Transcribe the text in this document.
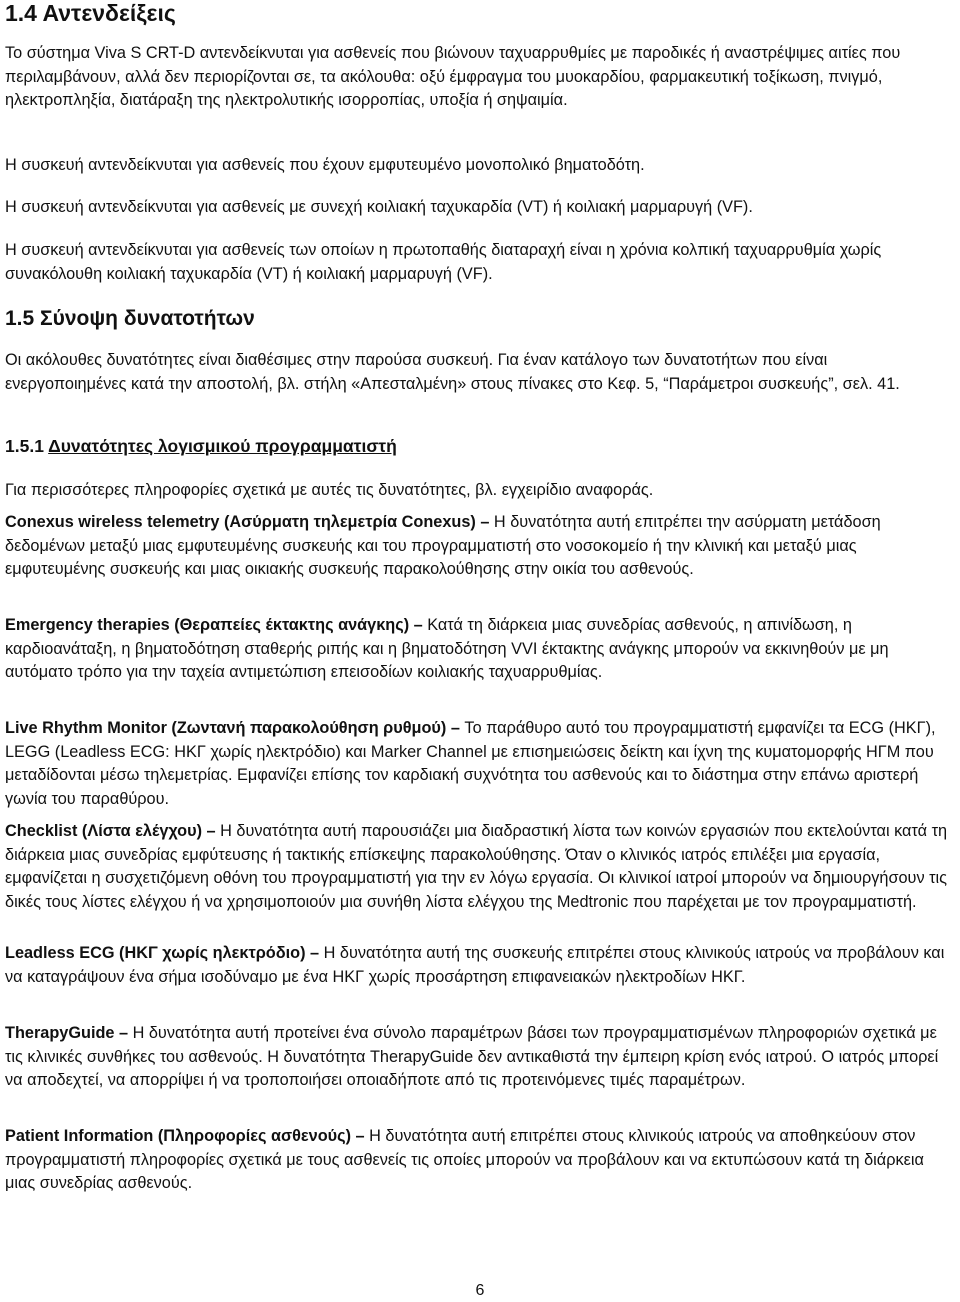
1.4 Αντενδείξεις

Το σύστημα Viva S CRT-D αντενδείκνυται για ασθενείς που βιώνουν ταχυαρρυθμίες με παροδικές ή αναστρέψιμες αιτίες που περιλαμβάνουν, αλλά δεν περιορίζονται σε, τα ακόλουθα: οξύ έμφραγμα του μυοκαρδίου, φαρμακευτική τοξίκωση, πνιγμό, ηλεκτροπληξία, διατάραξη της ηλεκτρολυτικής ισορροπίας, υποξία ή σηψαιμία.

Η συσκευή αντενδείκνυται για ασθενείς που έχουν εμφυτευμένο μονοπολικό βηματοδότη.

Η συσκευή αντενδείκνυται για ασθενείς με συνεχή κοιλιακή ταχυκαρδία (VT) ή κοιλιακή μαρμαρυγή (VF).

Η συσκευή αντενδείκνυται για ασθενείς των οποίων η πρωτοπαθής διαταραχή είναι η χρόνια κολπική ταχυαρρυθμία χωρίς συνακόλουθη κοιλιακή ταχυκαρδία (VT) ή κοιλιακή μαρμαρυγή (VF).

1.5 Σύνοψη δυνατοτήτων

Οι ακόλουθες δυνατότητες είναι διαθέσιμες στην παρούσα συσκευή. Για έναν κατάλογο των δυνατοτήτων που είναι ενεργοποιημένες κατά την αποστολή, βλ. στήλη «Απεσταλμένη» στους πίνακες στο Κεφ. 5, “Παράμετροι συσκευής”, σελ. 41.

1.5.1 Δυνατότητες λογισμικού προγραμματιστή

Για περισσότερες πληροφορίες σχετικά με αυτές τις δυνατότητες, βλ. εγχειρίδιο αναφοράς.

Conexus wireless telemetry (Ασύρματη τηλεμετρία Conexus) – Η δυνατότητα αυτή επιτρέπει την ασύρματη μετάδοση δεδομένων μεταξύ μιας εμφυτευμένης συσκευής και του προγραμματιστή στο νοσοκομείο ή την κλινική και μεταξύ μιας εμφυτευμένης συσκευής και μιας οικιακής συσκευής παρακολούθησης στην οικία του ασθενούς.

Emergency therapies (Θεραπείες έκτακτης ανάγκης) – Κατά τη διάρκεια μιας συνεδρίας ασθενούς, η απινίδωση, η καρδιοανάταξη, η βηματοδότηση σταθερής ριπής και η βηματοδότηση VVI έκτακτης ανάγκης μπορούν να εκκινηθούν με μη αυτόματο τρόπο για την ταχεία αντιμετώπιση επεισοδίων κοιλιακής ταχυαρρυθμίας.

Live Rhythm Monitor (Ζωντανή παρακολούθηση ρυθμού) – Το παράθυρο αυτό του προγραμματιστή εμφανίζει τα ECG (ΗΚΓ), LEGG (Leadless ECG: ΗΚΓ χωρίς ηλεκτρόδιο) και Marker Channel με επισημειώσεις δείκτη και ίχνη της κυματομορφής ΗΓΜ που μεταδίδονται μέσω τηλεμετρίας. Εμφανίζει επίσης τον καρδιακή συχνότητα του ασθενούς και το διάστημα στην επάνω αριστερή γωνία του παραθύρου.

Checklist (Λίστα ελέγχου) – Η δυνατότητα αυτή παρουσιάζει μια διαδραστική λίστα των κοινών εργασιών που εκτελούνται κατά τη διάρκεια μιας συνεδρίας εμφύτευσης ή τακτικής επίσκεψης παρακολούθησης. Όταν ο κλινικός ιατρός επιλέξει μια εργασία, εμφανίζεται η συσχετιζόμενη οθόνη του προγραμματιστή για την εν λόγω εργασία. Οι κλινικοί ιατροί μπορούν να δημιουργήσουν τις δικές τους λίστες ελέγχου ή να χρησιμοποιούν μια συνήθη λίστα ελέγχου της Medtronic που παρέχεται με τον προγραμματιστή.

Leadless ECG (ΗΚΓ χωρίς ηλεκτρόδιο) – Η δυνατότητα αυτή της συσκευής επιτρέπει στους κλινικούς ιατρούς να προβάλουν και να καταγράψουν ένα σήμα ισοδύναμο με ένα ΗΚΓ χωρίς προσάρτηση επιφανειακών ηλεκτροδίων ΗΚΓ.

TherapyGuide – Η δυνατότητα αυτή προτείνει ένα σύνολο παραμέτρων βάσει των προγραμματισμένων πληροφοριών σχετικά με τις κλινικές συνθήκες του ασθενούς. Η δυνατότητα TherapyGuide δεν αντικαθιστά την έμπειρη κρίση ενός ιατρού. Ο ιατρός μπορεί να αποδεχτεί, να απορρίψει ή να τροποποιήσει οποιαδήποτε από τις προτεινόμενες τιμές παραμέτρων.

Patient Information (Πληροφορίες ασθενούς) – Η δυνατότητα αυτή επιτρέπει στους κλινικούς ιατρούς να αποθηκεύουν στον προγραμματιστή πληροφορίες σχετικά με τους ασθενείς τις οποίες μπορούν να προβάλουν και να εκτυπώσουν κατά τη διάρκεια μιας συνεδρίας ασθενούς.

6
